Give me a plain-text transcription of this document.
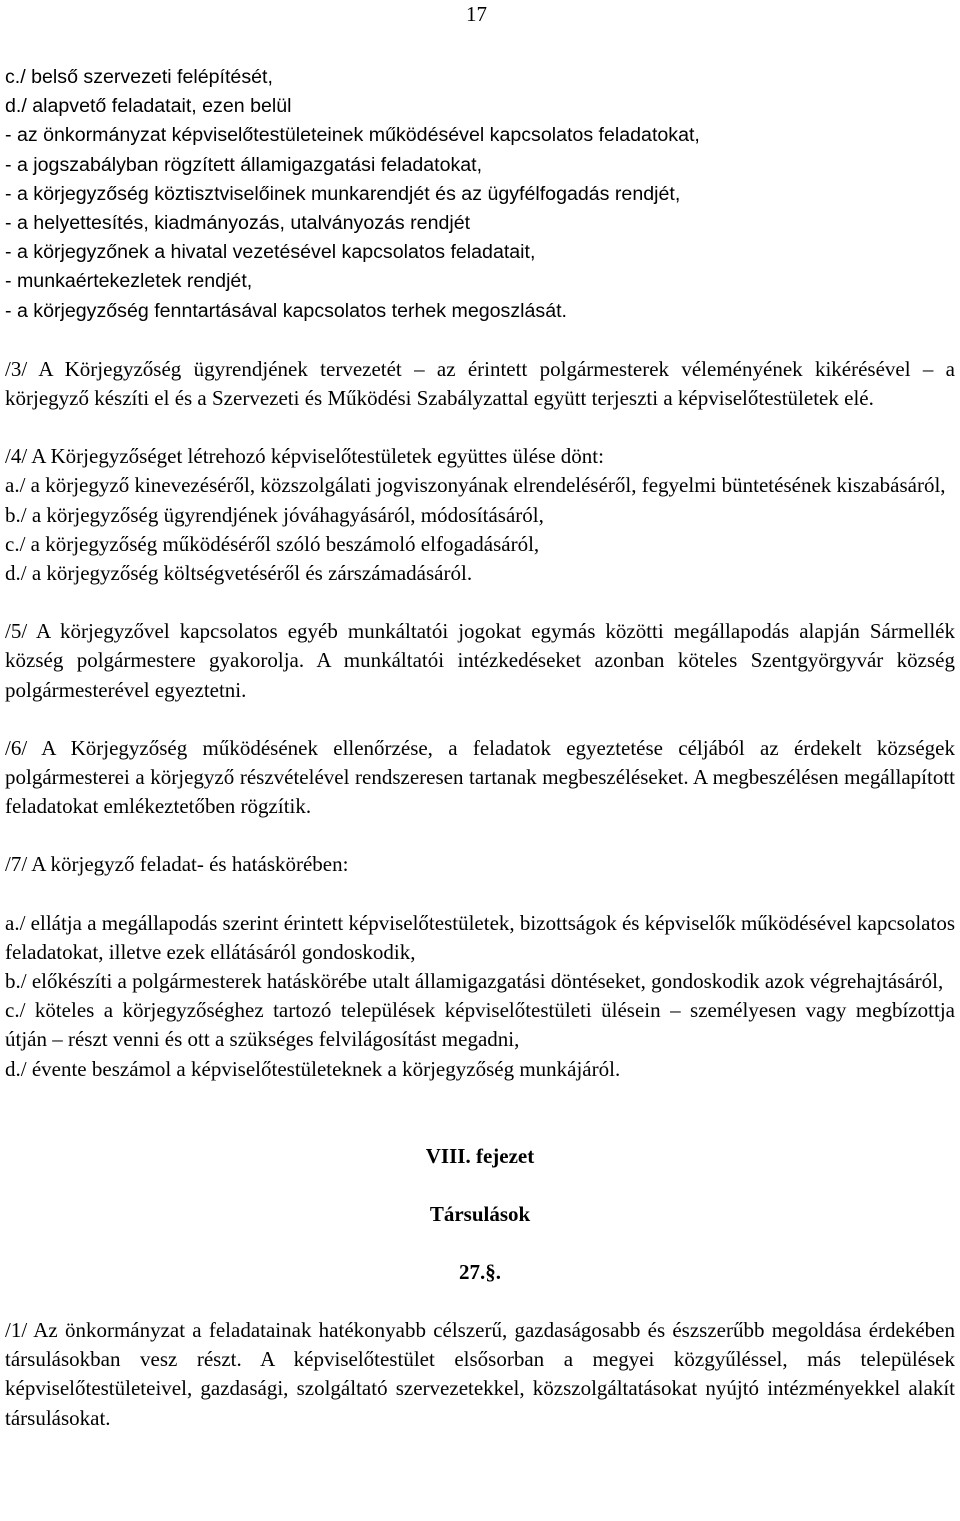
17
c./ belső szervezeti felépítését,
d./ alapvető feladatait, ezen belül
- az önkormányzat képviselőtestületeinek működésével kapcsolatos feladatokat,
- a jogszabályban rögzített államigazgatási feladatokat,
- a körjegyzőség köztisztviselőinek munkarendjét és az ügyfélfogadás rendjét,
- a helyettesítés, kiadmányozás, utalványozás rendjét
- a körjegyzőnek a hivatal vezetésével kapcsolatos feladatait,
- munkaértekezletek rendjét,
- a körjegyzőség fenntartásával kapcsolatos terhek megoszlását.
/3/ A Körjegyzőség ügyrendjének tervezetét – az érintett polgármesterek véleményének kikérésével – a körjegyző készíti el és a Szervezeti és Működési Szabályzattal együtt terjeszti a képviselőtestületek elé.
/4/ A Körjegyzőséget létrehozó képviselőtestületek együttes ülése dönt:
a./ a körjegyző kinevezéséről, közszolgálati jogviszonyának elrendeléséről, fegyelmi büntetésének kiszabásáról,
b./ a körjegyzőség ügyrendjének jóváhagyásáról, módosításáról,
c./ a körjegyzőség működéséről szóló beszámoló elfogadásáról,
d./ a körjegyzőség költségvetéséről és zárszámadásáról.
/5/ A körjegyzővel kapcsolatos egyéb munkáltatói jogokat egymás közötti megállapodás alapján Sármellék község polgármestere gyakorolja. A munkáltatói intézkedéseket azonban köteles Szentgyörgyvár község polgármesterével egyeztetni.
/6/ A Körjegyzőség működésének ellenőrzése, a feladatok egyeztetése céljából az érdekelt községek polgármesterei a körjegyző részvételével rendszeresen tartanak megbeszéléseket. A megbeszélésen megállapított feladatokat emlékeztetőben rögzítik.
/7/ A körjegyző feladat- és hatáskörében:
a./ ellátja a megállapodás szerint érintett képviselőtestületek, bizottságok és képviselők működésével kapcsolatos feladatokat, illetve ezek ellátásáról gondoskodik,
b./ előkészíti a polgármesterek hatáskörébe utalt államigazgatási döntéseket, gondoskodik azok végrehajtásáról,
c./ köteles a körjegyzőséghez tartozó települések képviselőtestületi ülésein – személyesen vagy megbízottja útján – részt venni és ott a szükséges felvilágosítást megadni,
d./ évente beszámol a képviselőtestületeknek a körjegyzőség munkájáról.
VIII. fejezet
Társulások
27.§.
/1/ Az önkormányzat a feladatainak hatékonyabb célszerű, gazdaságosabb és észszerűbb megoldása érdekében társulásokban vesz részt. A képviselőtestület elsősorban a megyei közgyűléssel, más települések képviselőtestületeivel, gazdasági, szolgáltató szervezetekkel, közszolgáltatásokat nyújtó intézményekkel alakít társulásokat.
